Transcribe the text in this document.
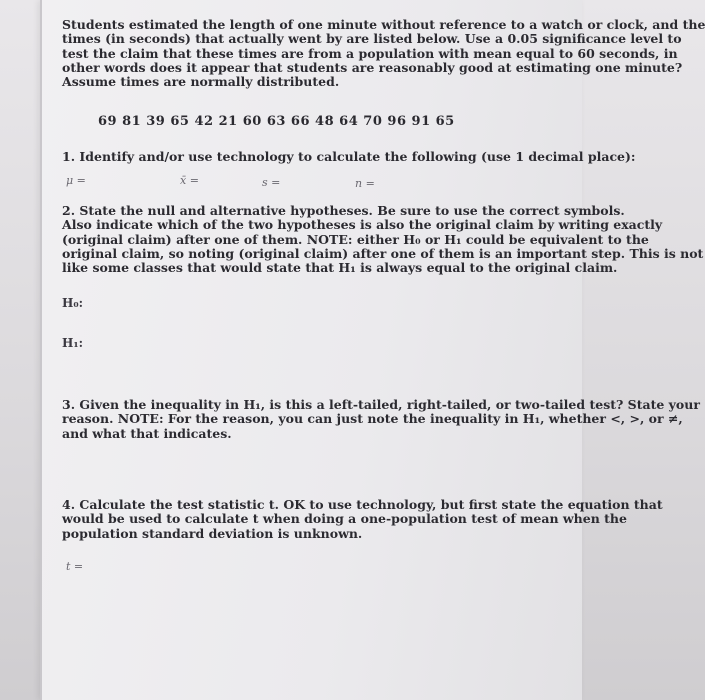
Students estimated the length of one minute without reference to a watch or clock, and the
times (in seconds) that actually went by are listed below. Use a 0.05 significance level to
test the claim that these times are from a population with mean equal to 60 seconds, in
other words does it appear that students are reasonably good at estimating one minute?
Assume times are normally distributed.
69 81 39 65 42 21 60 63 66 48 64 70 96 91 65
1. Identify and/or use technology to calculate the following (use 1 decimal place):
μ =	x̄ =	s =	n =
2. State the null and alternative hypotheses. Be sure to use the correct symbols.
Also indicate which of the two hypotheses is also the original claim by writing exactly
(original claim) after one of them. NOTE: either H₀ or H₁ could be equivalent to the
original claim, so noting (original claim) after one of them is an important step. This is not
like some classes that would state that H₁ is always equal to the original claim.
H₀:
H₁:
3. Given the inequality in H₁, is this a left-tailed, right-tailed, or two-tailed test? State your
reason. NOTE: For the reason, you can just note the inequality in H₁, whether <, >, or ≠,
and what that indicates.
4. Calculate the test statistic t. OK to use technology, but first state the equation that
would be used to calculate t when doing a one-population test of mean when the
population standard deviation is unknown.
t =
